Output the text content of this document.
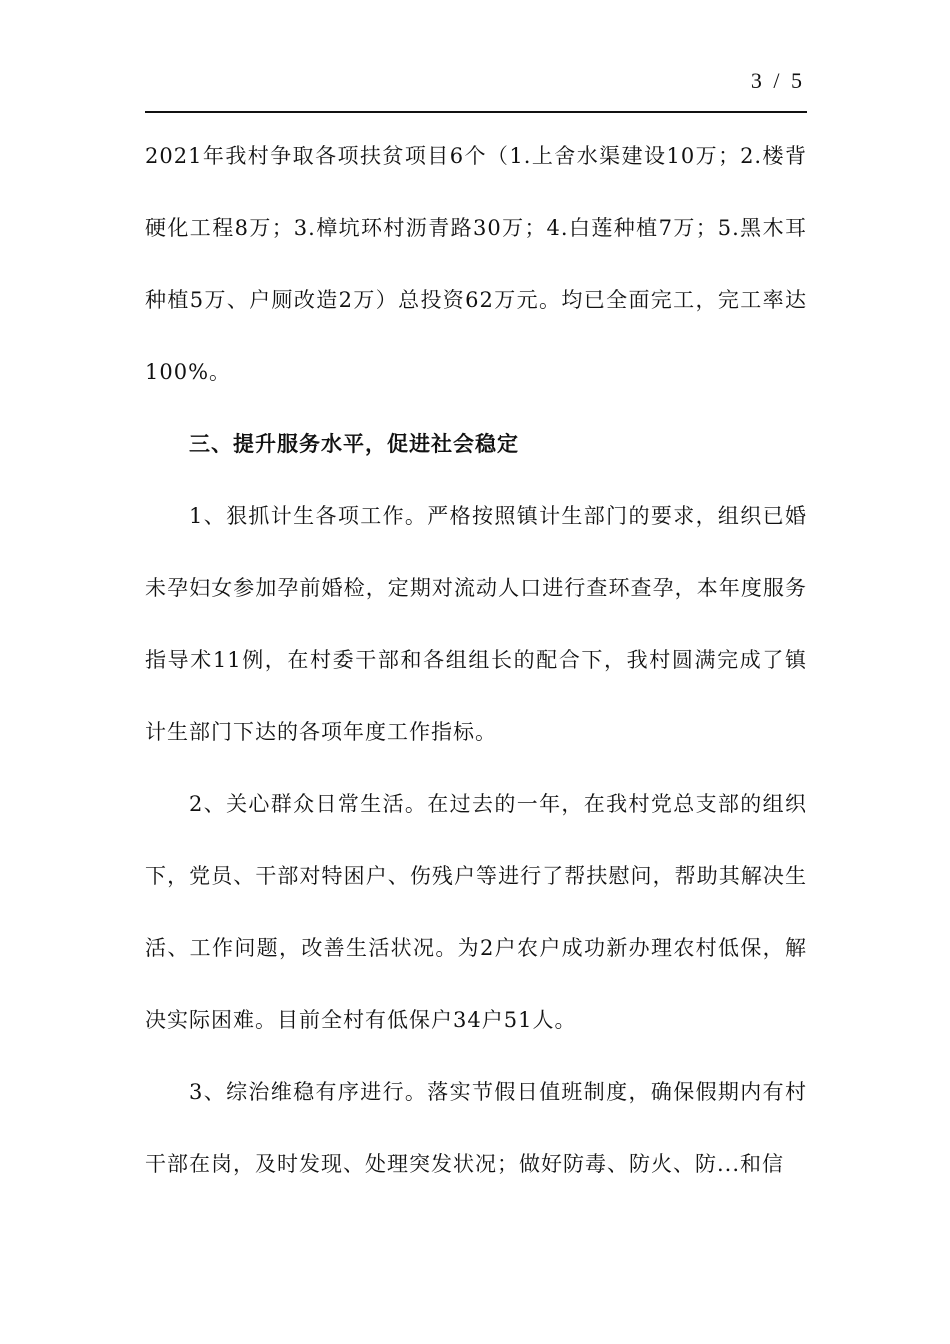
3 / 5

2021年我村争取各项扶贫项目6个（1.上舍水渠建设10万；2.楼背硬化工程8万；3.樟坑环村沥青路30万；4.白莲种植7万；5.黑木耳种植5万、户厕改造2万）总投资62万元。均已全面完工，完工率达100%。

三、提升服务水平，促进社会稳定

1、狠抓计生各项工作。严格按照镇计生部门的要求，组织已婚未孕妇女参加孕前婚检，定期对流动人口进行查环查孕，本年度服务指导术11例，在村委干部和各组组长的配合下，我村圆满完成了镇计生部门下达的各项年度工作指标。

2、关心群众日常生活。在过去的一年，在我村党总支部的组织下，党员、干部对特困户、伤残户等进行了帮扶慰问，帮助其解决生活、工作问题，改善生活状况。为2户农户成功新办理农村低保，解决实际困难。目前全村有低保户34户51人。

3、综治维稳有序进行。落实节假日值班制度，确保假期内有村干部在岗，及时发现、处理突发状况；做好防毒、防火、防...和信
